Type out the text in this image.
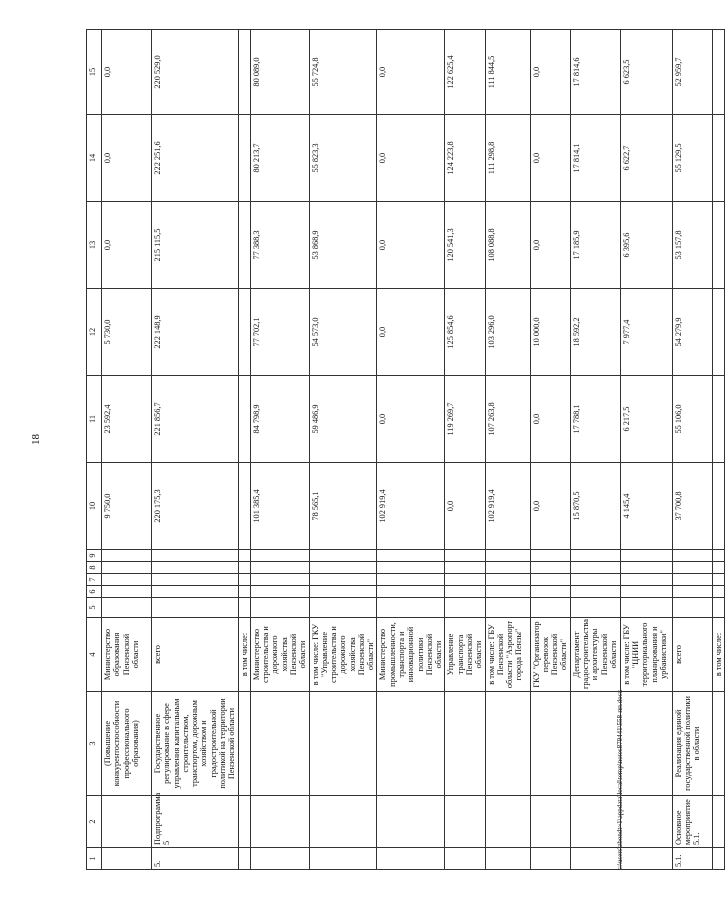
18
c:\users\zbondt~1\appdata\local\temp\notes879441\558-пп.docx
1	2	3	4	5	6	7	8	9	10	11	12	13	14	15
		(Повышение конкурентоспособности профессионального образования)	Министерство образования Пензенской области						9 750,0	23 592,4	5 730,0	0,0	0,0	0,0
5.	Подпрограмма 5	Государственное регулирование в сфере управления капитальным строительством, транспортом, дорожным хозяйством и градостроительной политикой на территории Пензенской области	всего						220 175,3	221 856,7	222 148,9	215 115,5	222 251,6	220 529,0
			в том числе:											
			Министерство строительства и дорожного хозяйства Пензенской области						101 385,4	84 798,9	77 702,1	77 388,3	80 213,7	80 089,0
			в том числе: ГКУ "Управление строительства и дорожного хозяйства Пензенской области"						78 565,1	59 486,9	54 573,0	53 868,9	55 823,3	55 724,8
			Министерство промышленности, транспорта и инновационной политики Пензенской области						102 919,4	0,0	0,0	0,0	0,0	0,0
			Управление транспорта Пензенской области						0,0	119 269,7	125 854,6	120 541,3	124 223,8	122 625,4
			в том числе: ГБУ Пензенской области "Аэропорт города Пензы"						102 919,4	107 263,8	103 296,0	108 088,8	111 298,8	111 844,5
			ГКУ "Организатор перевозок Пензенской области"						0,0	0,0	10 000,0	0,0	0,0	0,0
			Департамент градостроительства и архитектуры Пензенской области						15 870,5	17 788,1	18 592,2	17 185,9	17 814,1	17 814,6
			в том числе: ГБУ "ЦНИИ территориального планирования и урбанистики"						4 145,4	6 217,5	7 977,4	6 395,6	6 622,7	6 623,5
5.1.	Основное мероприятие 5.1.	Реализация единой государственной политики в области	всего						37 700,8	55 106,0	54 279,9	53 157,8	55 129,5	52 959,7
			в том числе:											
